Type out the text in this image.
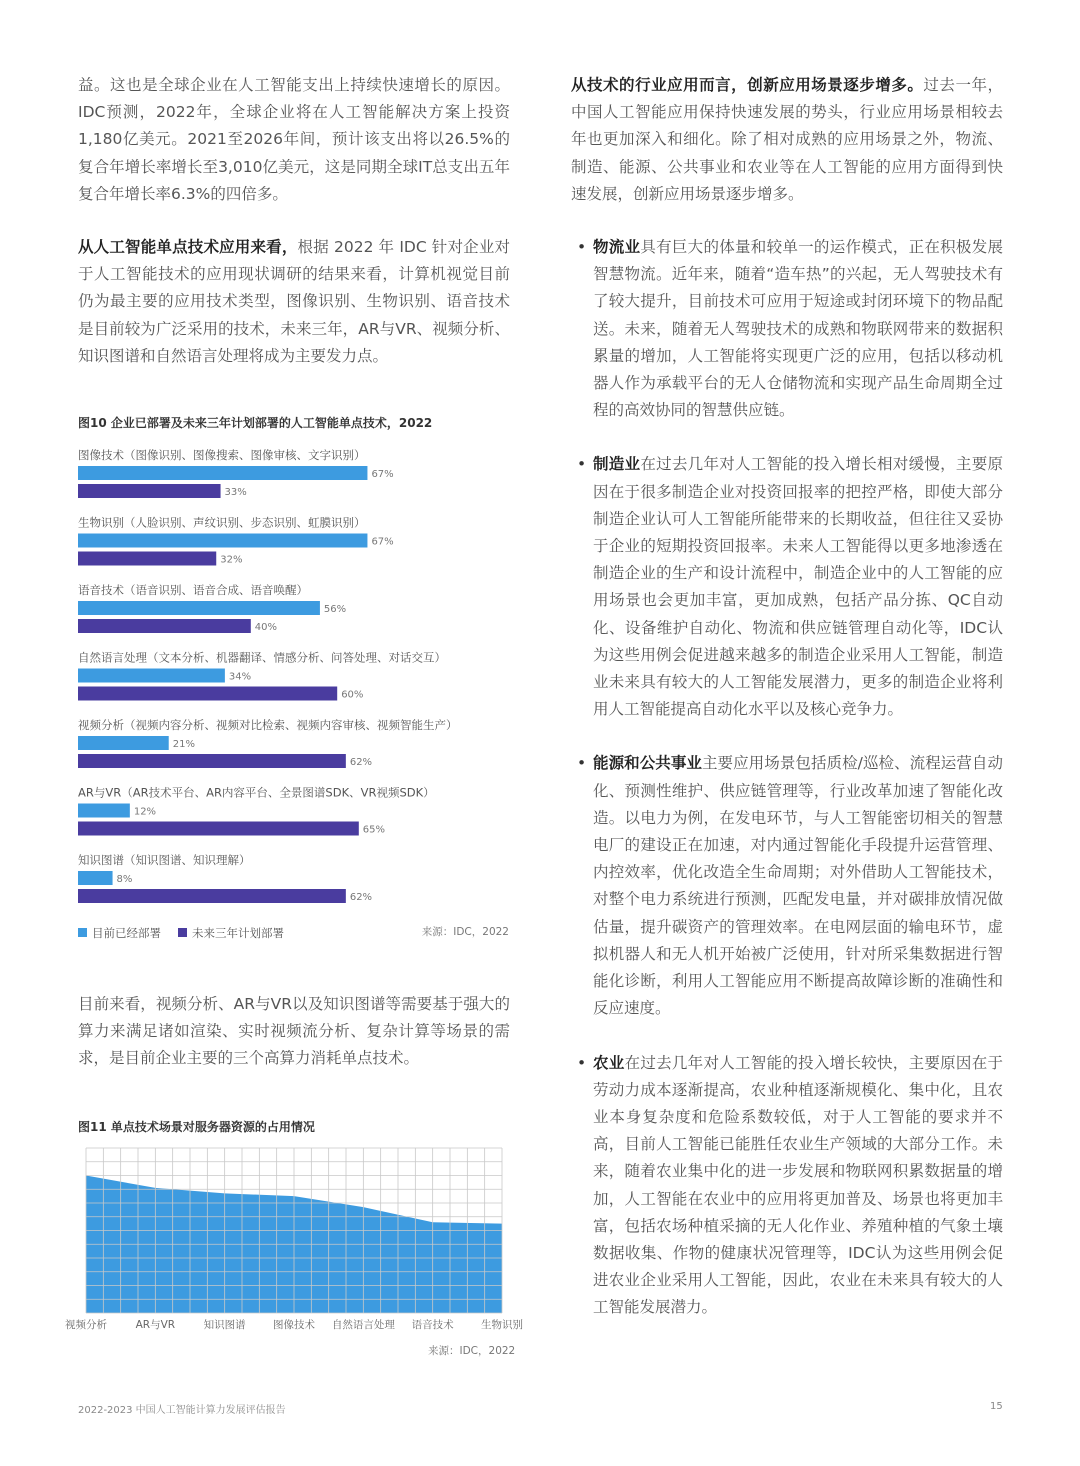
益。这也是全球企业在人工智能支出上持续快速增长的原因。IDC预测，2022年，全球企业将在人工智能解决方案上投资1,180亿美元。2021至2026年间，预计该支出将以26.5%的复合年增长率增长至3,010亿美元，这是同期全球IT总支出五年复合年增长率6.3%的四倍多。

从人工智能单点技术应用来看，根据 2022 年 IDC 针对企业对于人工智能技术的应用现状调研的结果来看，计算机视觉目前仍为最主要的应用技术类型，图像识别、生物识别、语音技术是目前较为广泛采用的技术，未来三年，AR与VR、视频分析、知识图谱和自然语言处理将成为主要发力点。

图10 企业已部署及未来三年计划部署的人工智能单点技术，2022

图像技术（图像识别、图像搜索、图像审核、文字识别）
67%
33%
生物识别（人脸识别、声纹识别、步态识别、虹膜识别）
67%
32%
语音技术（语音识别、语音合成、语音唤醒）
56%
40%
自然语言处理（文本分析、机器翻译、情感分析、问答处理、对话交互）
34%
60%
视频分析（视频内容分析、视频对比检索、视频内容审核、视频智能生产）
21%
62%
AR与VR（AR技术平台、AR内容平台、全景图谱SDK、VR视频SDK）
12%
65%
知识图谱（知识图谱、知识理解）
8%
62%
目前已经部署	未来三年计划部署	来源：IDC，2022

目前来看，视频分析、AR与VR以及知识图谱等需要基于强大的算力来满足诸如渲染、实时视频流分析、复杂计算等场景的需求，是目前企业主要的三个高算力消耗单点技术。

图11 单点技术场景对服务器资源的占用情况

视频分析	AR与VR	知识图谱	图像技术 自然语言处理 语音技术	生物识别
来源：IDC，2022

从技术的行业应用而言，创新应用场景逐步增多。过去一年，中国人工智能应用保持快速发展的势头，行业应用场景相较去年也更加深入和细化。除了相对成熟的应用场景之外，物流、制造、能源、公共事业和农业等在人工智能的应用方面得到快速发展，创新应用场景逐步增多。

• 物流业具有巨大的体量和较单一的运作模式，正在积极发展智慧物流。近年来，随着“造车热”的兴起，无人驾驶技术有了较大提升，目前技术可应用于短途或封闭环境下的物品配送。未来，随着无人驾驶技术的成熟和物联网带来的数据积累量的增加，人工智能将实现更广泛的应用，包括以移动机器人作为承载平台的无人仓储物流和实现产品生命周期全过程的高效协同的智慧供应链。

• 制造业在过去几年对人工智能的投入增长相对缓慢，主要原因在于很多制造企业对投资回报率的把控严格，即使大部分制造企业认可人工智能所能带来的长期收益，但往往又妥协于企业的短期投资回报率。未来人工智能得以更多地渗透在制造企业的生产和设计流程中，制造企业中的人工智能的应用场景也会更加丰富，更加成熟，包括产品分拣、QC自动化、设备维护自动化、物流和供应链管理自动化等，IDC认为这些用例会促进越来越多的制造企业采用人工智能，制造业未来具有较大的人工智能发展潜力，更多的制造企业将利用人工智能提高自动化水平以及核心竞争力。

• 能源和公共事业主要应用场景包括质检/巡检、流程运营自动化、预测性维护、供应链管理等，行业改革加速了智能化改造。以电力为例，在发电环节，与人工智能密切相关的智慧电厂的建设正在加速，对内通过智能化手段提升运营管理、内控效率，优化改造全生命周期；对外借助人工智能技术，对整个电力系统进行预测，匹配发电量，并对碳排放情况做估量，提升碳资产的管理效率。在电网层面的输电环节，虚拟机器人和无人机开始被广泛使用，针对所采集数据进行智能化诊断，利用人工智能应用不断提高故障诊断的准确性和反应速度。

• 农业在过去几年对人工智能的投入增长较快，主要原因在于劳动力成本逐渐提高，农业种植逐渐规模化、集中化，且农业本身复杂度和危险系数较低，对于人工智能的要求并不高，目前人工智能已能胜任农业生产领域的大部分工作。未来，随着农业集中化的进一步发展和物联网积累数据量的增加，人工智能在农业中的应用将更加普及、场景也将更加丰富，包括农场种植采摘的无人化作业、养殖种植的气象土壤数据收集、作物的健康状况管理等，IDC认为这些用例会促进农业企业采用人工智能，因此，农业在未来具有较大的人工智能发展潜力。

2022-2023 中国人工智能计算力发展评估报告	15
